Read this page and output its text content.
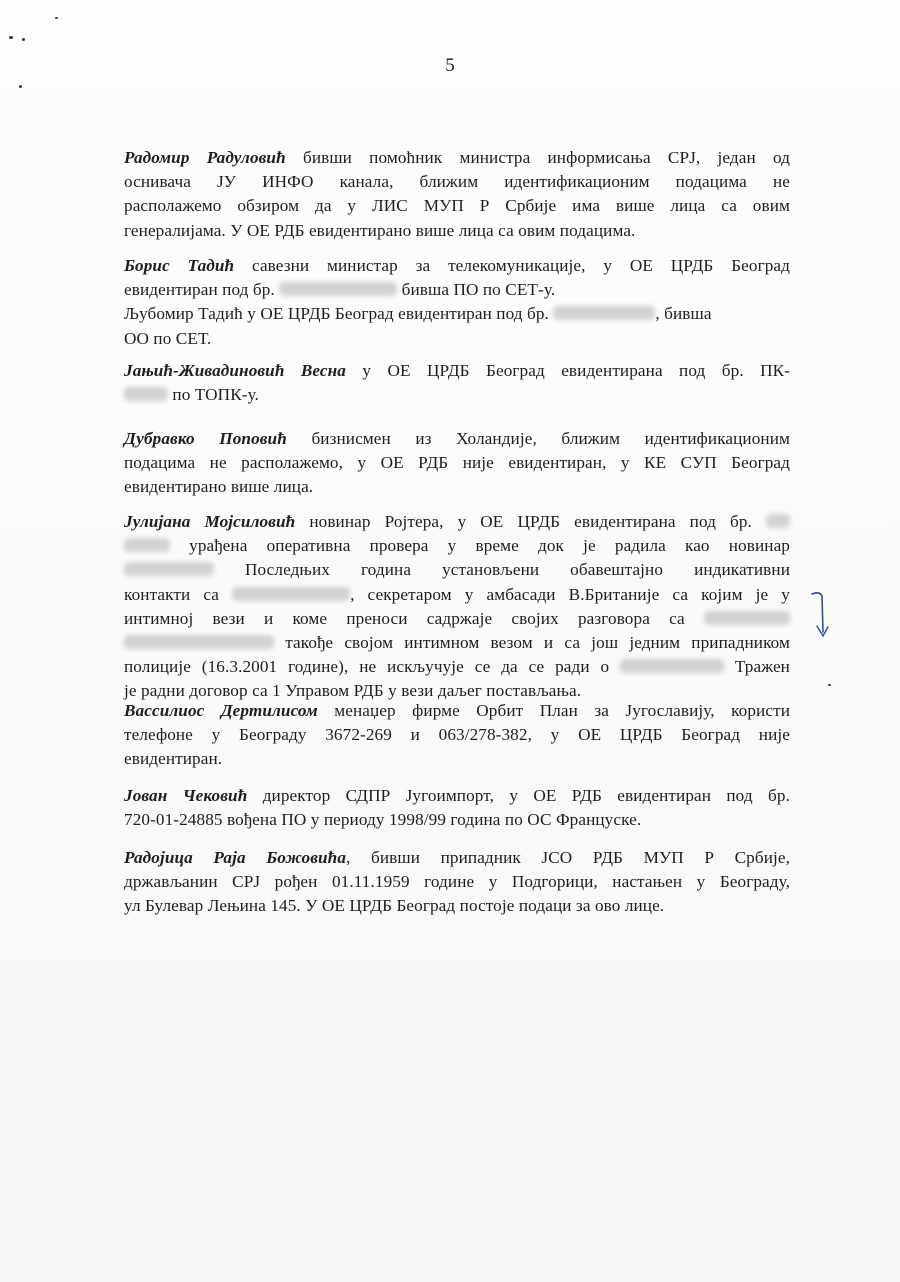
5
Радомир Радуловић бивши помоћник министра информисања СРЈ, један од
оснивача ЈУ ИНФО канала, ближим идентификационим подацима не
располажемо обзиром да у ЛИС МУП Р Србије има више лица са овим
генералијама. У ОЕ РДБ евидентирано више лица са овим подацима.
Борис Тадић савезни министар за телекомуникације, у ОЕ ЦРДБ Београд
евидентиран под бр.	бивша ПО по СЕТ-у.
Љубомир Тадић у ОЕ ЦРДБ Београд евидентиран под бр.	, бивша
ОО по СЕТ.
Јањић-Живадиновић Весна у ОЕ ЦРДБ Београд евидентирана под бр. ПК-
по ТОПК-у.
Дубравко Поповић бизнисмен из Холандије, ближим идентификационим
подацима не располажемо, у ОЕ РДБ није евидентиран, у КЕ СУП Београд
евидентирано више лица.
Јулијана Мојсиловић новинар Ројтера, у ОЕ ЦРДБ евидентирана под бр.
урађена оперативна провера у време док је радила као новинар
Последњих година установљени обавештајно индикативни
контакти са	, секретаром у амбасади В.Британије са којим је у
интимној вези и коме преноси садржаје својих разговора са
такође својом интимном везом и са још једним припадником
полиције (16.3.2001 године), не искључује се да се ради о	Тражен
је радни договор са 1 Управом РДБ у вези даљег постављања.
Вассилиос Дертилисом менаџер фирме Орбит План за Југославију, користи
телефоне у Београду 3672-269 и 063/278-382, у ОЕ ЦРДБ Београд није
евидентиран.
Јован Чековић директор СДПР Југоимпорт, у ОЕ РДБ евидентиран под бр.
720-01-24885 вођена ПО у периоду 1998/99 година по ОС Француске.
Радојица Раја Божовића, бивши припадник ЈСО РДБ МУП Р Србије,
држављанин СРЈ рођен 01.11.1959 године у Подгорици, настањен у Београду,
ул Булевар Лењина 145. У ОЕ ЦРДБ Београд постоје подаци за ово лице.
